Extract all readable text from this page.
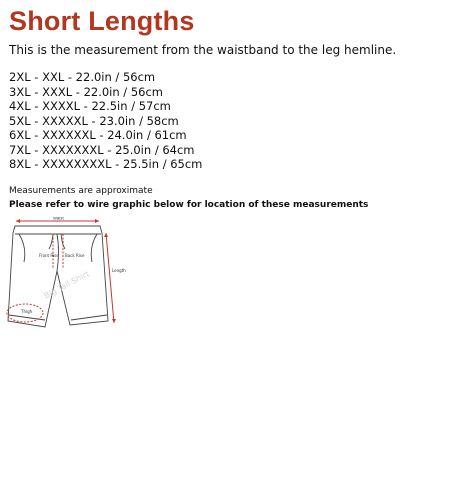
Short Lengths
This is the measurement from the waistband to the leg hemline.
2XL - XXL - 22.0in / 56cm
3XL - XXXL - 22.0in / 56cm
4XL - XXXXL - 22.5in / 57cm
5XL - XXXXXL - 23.0in / 58cm
6XL - XXXXXXL - 24.0in / 61cm
7XL - XXXXXXXL - 25.0in / 64cm
8XL - XXXXXXXXL - 25.5in / 65cm
Measurements are approximate
Please refer to wire graphic below for location of these measurements
Big Tall Shirt
Waist
Front Rise Back Rise
Length
Thigh
